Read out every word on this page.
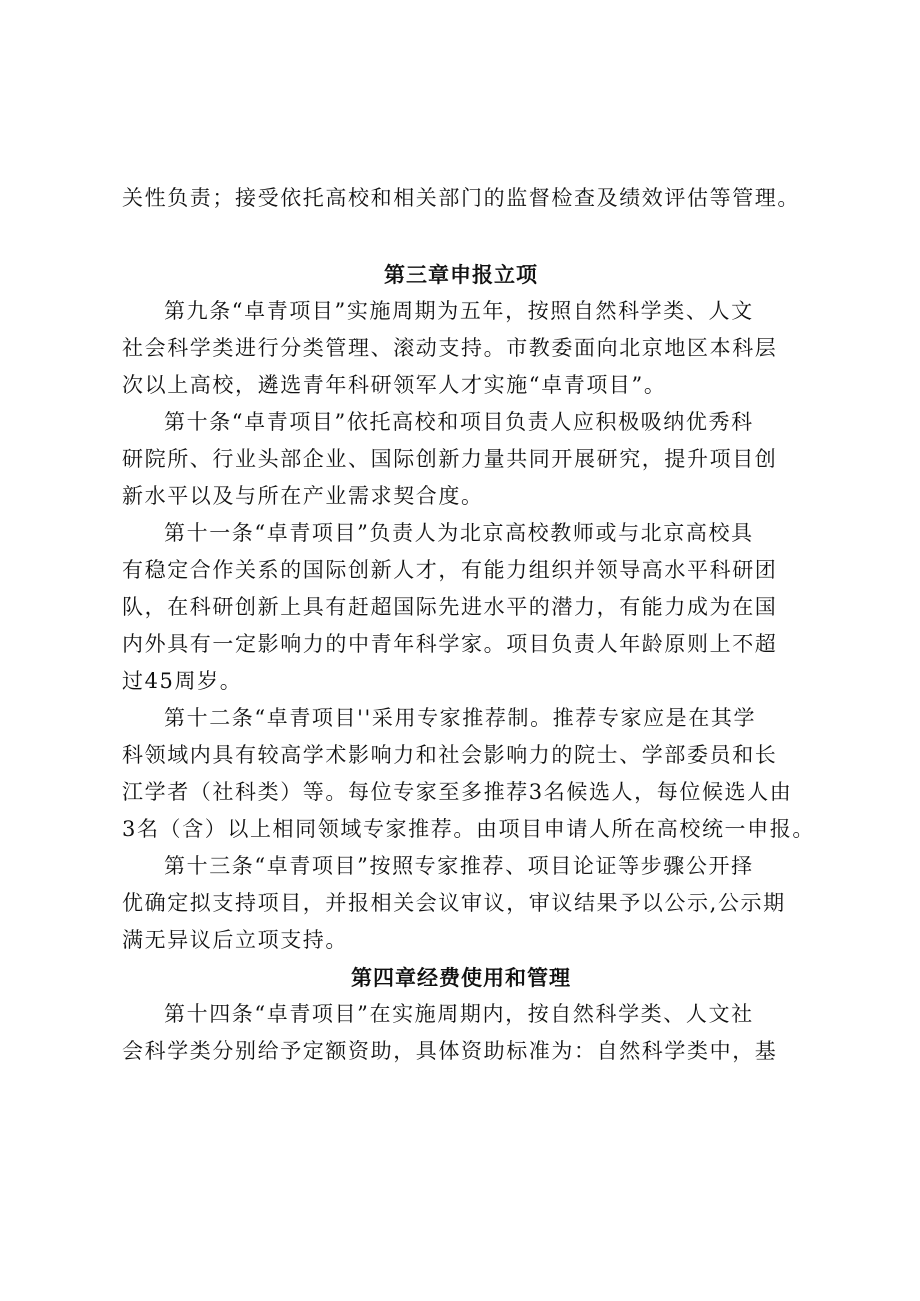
关性负责；接受依托高校和相关部门的监督检查及绩效评估等管理。

第三章申报立项

第九条“卓青项目”实施周期为五年，按照自然科学类、人文

社会科学类进行分类管理、滚动支持。市教委面向北京地区本科层

次以上高校，遴选青年科研领军人才实施“卓青项目”。

第十条“卓青项目”依托高校和项目负责人应积极吸纳优秀科

研院所、行业头部企业、国际创新力量共同开展研究，提升项目创

新水平以及与所在产业需求契合度。

第十一条“卓青项目”负责人为北京高校教师或与北京高校具

有稳定合作关系的国际创新人才，有能力组织并领导高水平科研团

队，在科研创新上具有赶超国际先进水平的潜力，有能力成为在国

内外具有一定影响力的中青年科学家。项目负责人年龄原则上不超

过45周岁。

第十二条“卓青项目''采用专家推荐制。推荐专家应是在其学

科领域内具有较高学术影响力和社会影响力的院士、学部委员和长

江学者（社科类）等。每位专家至多推荐3名候选人，每位候选人由

3名（含）以上相同领域专家推荐。由项目申请人所在高校统一申报。

第十三条“卓青项目”按照专家推荐、项目论证等步骤公开择

优确定拟支持项目，并报相关会议审议，审议结果予以公示,公示期

满无异议后立项支持。

第四章经费使用和管理

第十四条“卓青项目”在实施周期内，按自然科学类、人文社

会科学类分别给予定额资助，具体资助标准为：自然科学类中，基
